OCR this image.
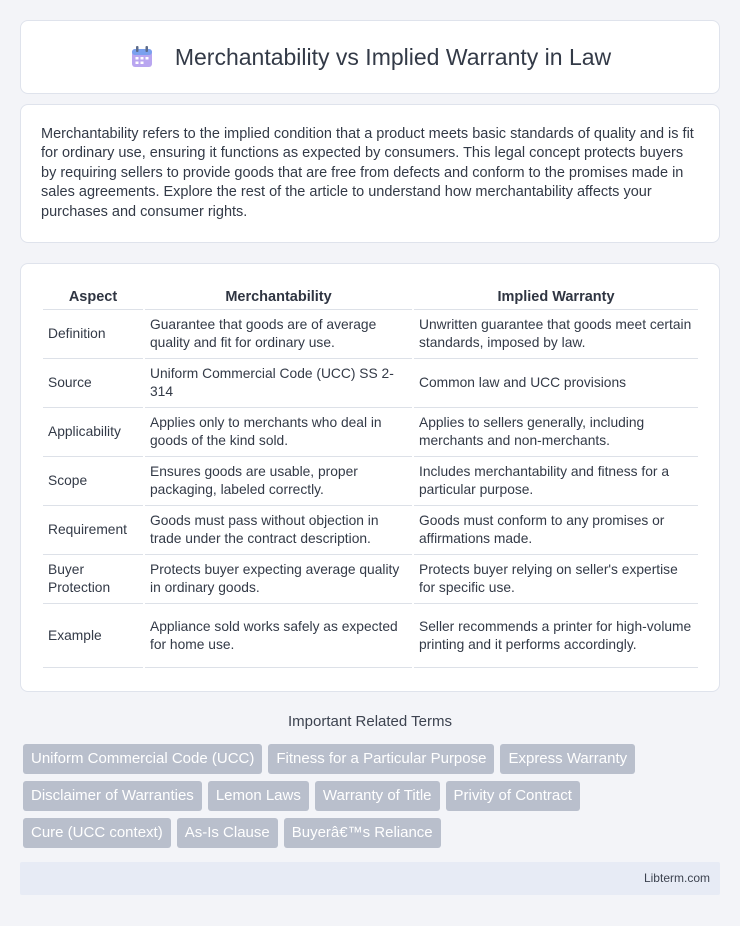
Merchantability vs Implied Warranty in Law

Merchantability refers to the implied condition that a product meets basic standards of quality and is fit for ordinary use, ensuring it functions as expected by consumers. This legal concept protects buyers by requiring sellers to provide goods that are free from defects and conform to the promises made in sales agreements. Explore the rest of the article to understand how merchantability affects your purchases and consumer rights.

Aspect	Merchantability	Implied Warranty
Definition	Guarantee that goods are of average quality and fit for ordinary use.	Unwritten guarantee that goods meet certain standards, imposed by law.
Source	Uniform Commercial Code (UCC) SS 2-314	Common law and UCC provisions
Applicability	Applies only to merchants who deal in goods of the kind sold.	Applies to sellers generally, including merchants and non-merchants.
Scope	Ensures goods are usable, proper packaging, labeled correctly.	Includes merchantability and fitness for a particular purpose.
Requirement	Goods must pass without objection in trade under the contract description.	Goods must conform to any promises or affirmations made.
Buyer Protection	Protects buyer expecting average quality in ordinary goods.	Protects buyer relying on seller's expertise for specific use.
Example	Appliance sold works safely as expected for home use.	Seller recommends a printer for high-volume printing and it performs accordingly.
Important Related Terms
Uniform Commercial Code (UCC)	Fitness for a Particular Purpose	Express Warranty
Disclaimer of Warranties	Lemon Laws	Warranty of Title	Privity of Contract
Cure (UCC context)	As-Is Clause	Buyerâ€™s Reliance
Libterm.com
